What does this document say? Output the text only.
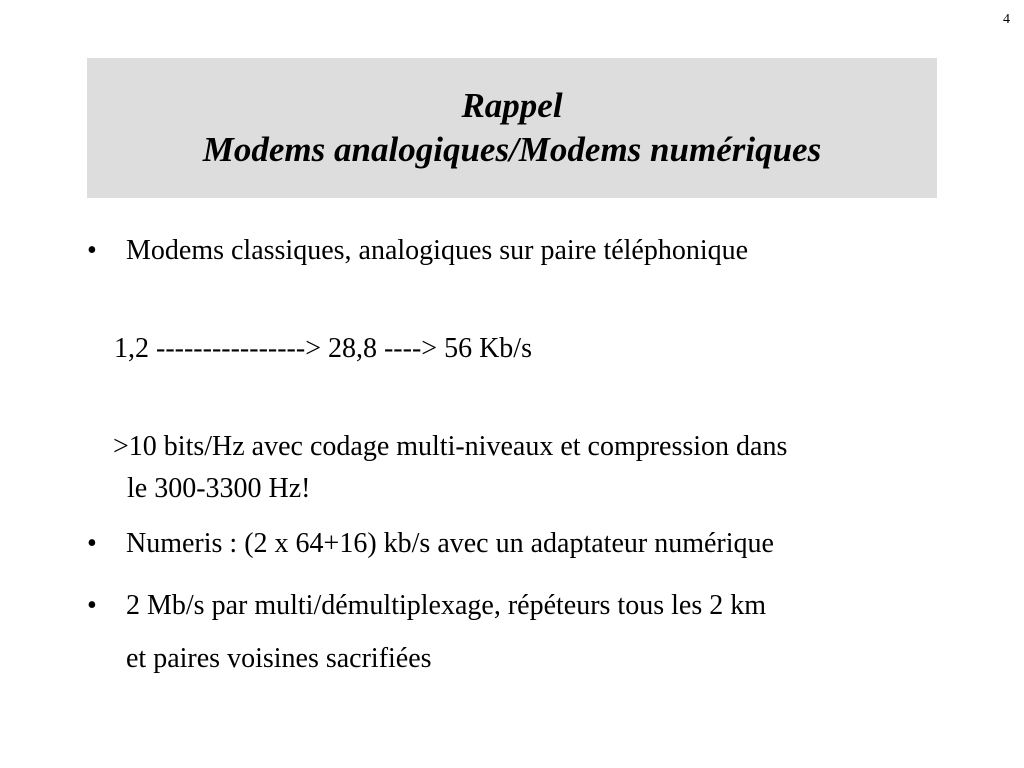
4
Rappel
Modems analogiques/Modems numériques
• Modems classiques, analogiques sur paire téléphonique
1,2 ----------------> 28,8 ----> 56 Kb/s
>10 bits/Hz avec codage multi-niveaux et compression dans
le 300-3300 Hz!
• Numeris : (2 x 64+16) kb/s avec un adaptateur numérique
• 2 Mb/s par multi/démultiplexage, répéteurs tous les 2 km
et paires voisines sacrifiées
